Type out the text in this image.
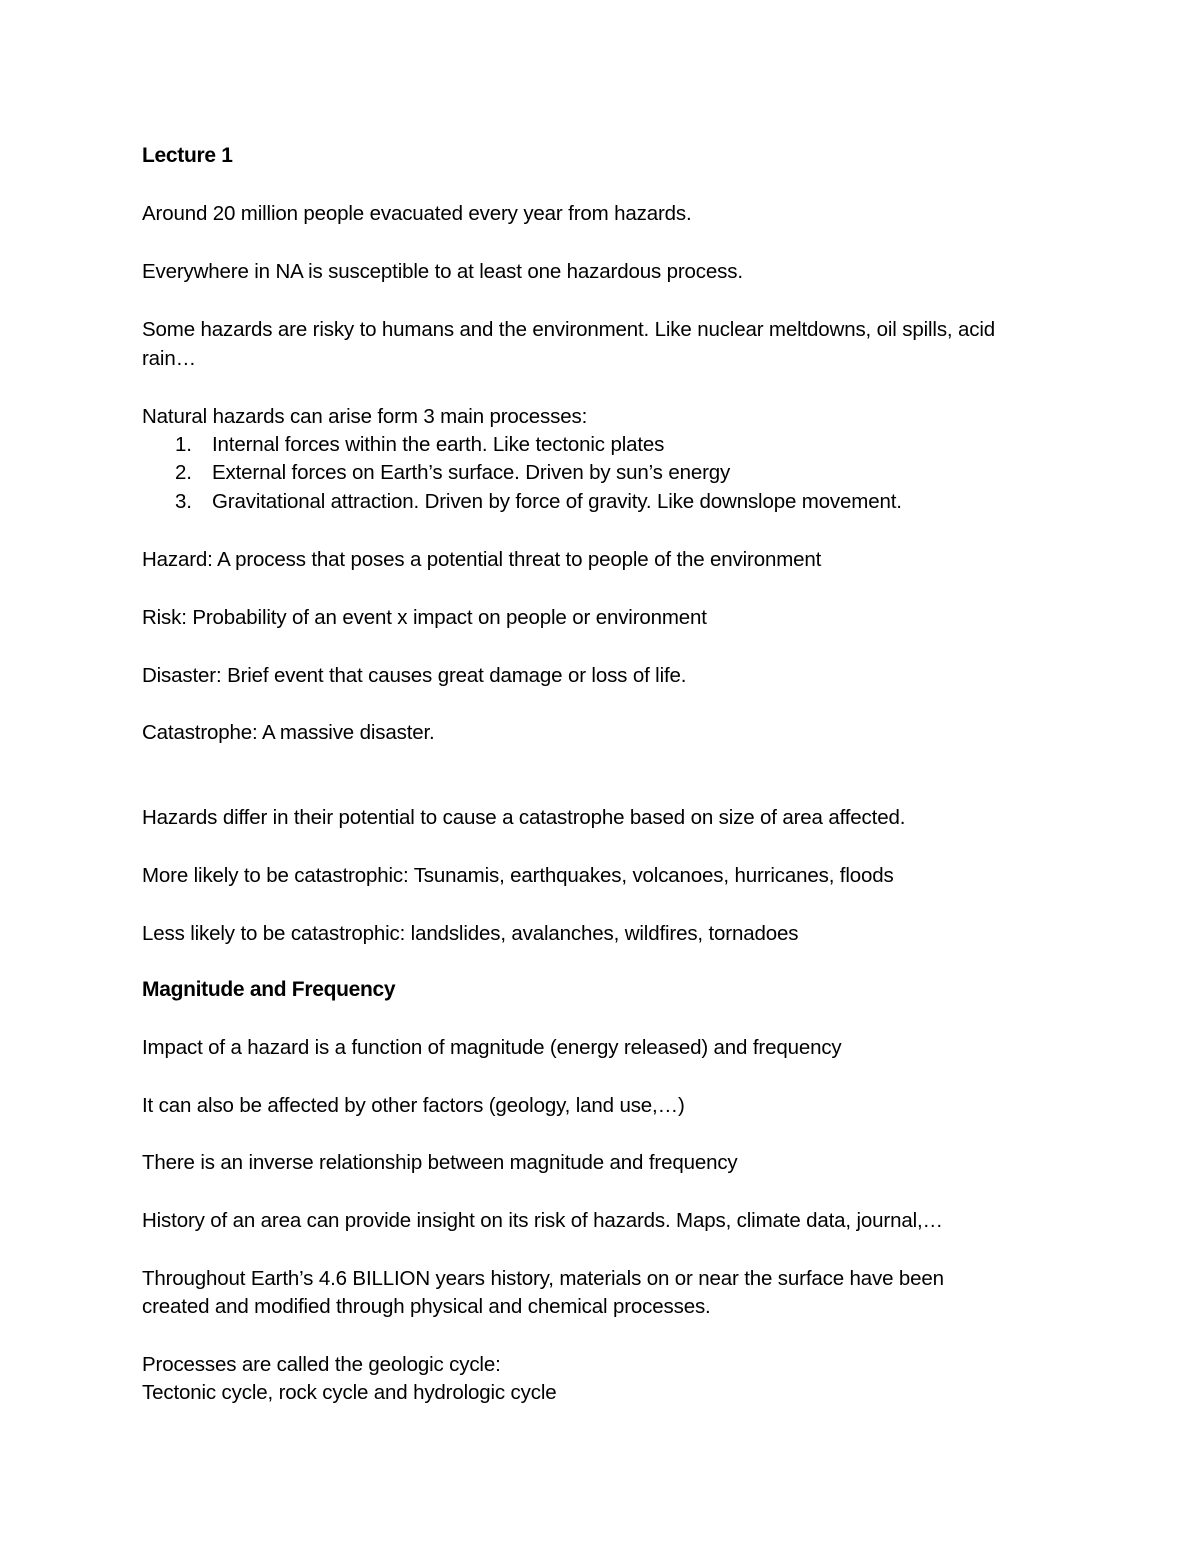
Lecture 1
Around 20 million people evacuated every year from hazards.
Everywhere in NA is susceptible to at least one hazardous process.
Some hazards are risky to humans and the environment. Like nuclear meltdowns, oil spills, acid
rain…
Natural hazards can arise form 3 main processes:
1. Internal forces within the earth. Like tectonic plates
2. External forces on Earth’s surface. Driven by sun’s energy
3. Gravitational attraction. Driven by force of gravity. Like downslope movement.
Hazard: A process that poses a potential threat to people of the environment
Risk: Probability of an event x impact on people or environment
Disaster: Brief event that causes great damage or loss of life.
Catastrophe: A massive disaster.
Hazards differ in their potential to cause a catastrophe based on size of area affected.
More likely to be catastrophic: Tsunamis, earthquakes, volcanoes, hurricanes, floods
Less likely to be catastrophic: landslides, avalanches, wildfires, tornadoes
Magnitude and Frequency
Impact of a hazard is a function of magnitude (energy released) and frequency
It can also be affected by other factors (geology, land use,…)
There is an inverse relationship between magnitude and frequency
History of an area can provide insight on its risk of hazards. Maps, climate data, journal,…
Throughout Earth’s 4.6 BILLION years history, materials on or near the surface have been
created and modified through physical and chemical processes.
Processes are called the geologic cycle:
Tectonic cycle, rock cycle and hydrologic cycle
